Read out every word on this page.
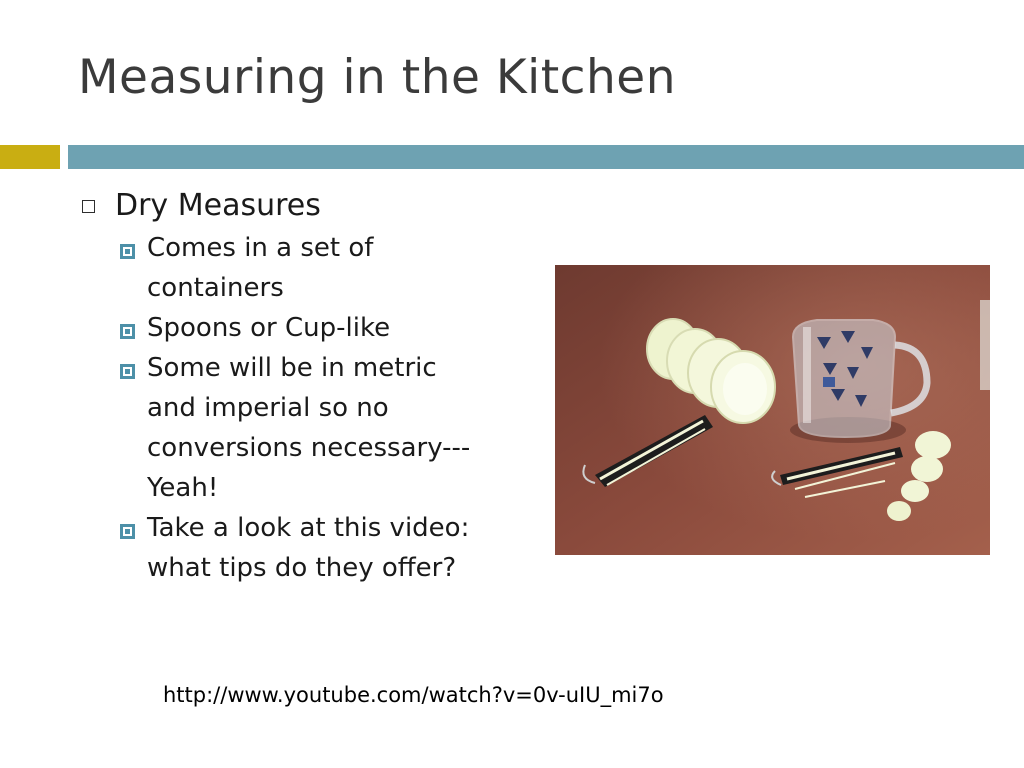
Measuring in the Kitchen
Dry Measures
Comes in a set of containers
Spoons or Cup-like
Some will be in metric and imperial so no conversions necessary---Yeah!
Take a look at this video: what tips do they offer?
http://www.youtube.com/watch?v=0v-uIU_mi7o
